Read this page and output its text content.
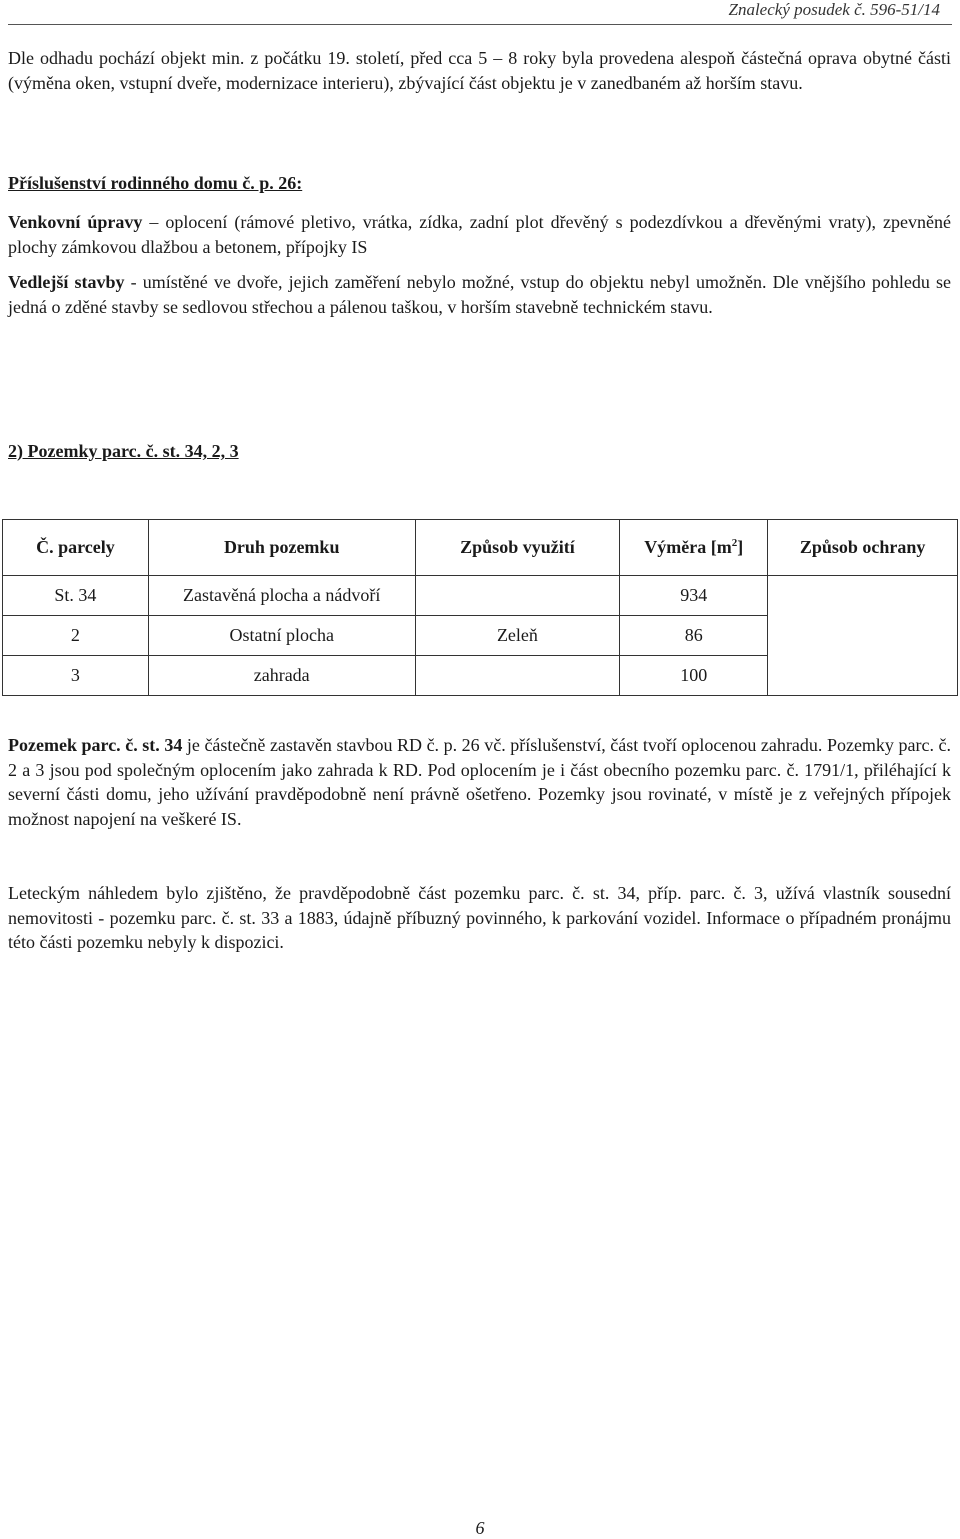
Znalecký posudek č. 596-51/14

Dle odhadu pochází objekt min. z počátku 19. století, před cca 5 – 8 roky byla provedena alespoň částečná oprava obytné části (výměna oken, vstupní dveře, modernizace interieru), zbývající část objektu je v zanedbaném až horším stavu.

Příslušenství rodinného domu č. p. 26:

Venkovní úpravy – oplocení (rámové pletivo, vrátka, zídka, zadní plot dřevěný s podezdívkou a dřevěnými vraty), zpevněné plochy zámkovou dlažbou a betonem, přípojky IS

Vedlejší stavby - umístěné ve dvoře, jejich zaměření nebylo možné, vstup do objektu nebyl umožněn. Dle vnějšího pohledu se jedná o zděné stavby se sedlovou střechou a pálenou taškou, v horším stavebně technickém stavu.

2) Pozemky parc. č. st. 34, 2, 3

Č. parcely	Druh pozemku	Způsob využití	Výměra $[m^2]$	Způsob ochrany
St. 34	Zastavěná plocha a nádvoří		934	
2	Ostatní plocha	Zeleň	86	
3	zahrada		100	

Pozemek parc. č. st. 34 je částečně zastavěn stavbou RD č. p. 26 vč. příslušenství, část tvoří oplocenou zahradu. Pozemky parc. č. 2 a 3 jsou pod společným oplocením jako zahrada k RD. Pod oplocením je i část obecního pozemku parc. č. 1791/1, přiléhající k severní části domu, jeho užívání pravděpodobně není právně ošetřeno. Pozemky jsou rovinaté, v místě je z veřejných přípojek možnost napojení na veškeré IS.

Leteckým náhledem bylo zjištěno, že pravděpodobně část pozemku parc. č. st. 34, příp. parc. č. 3, užívá vlastník sousední nemovitosti - pozemku parc. č. st. 33 a 1883, údajně příbuzný povinného, k parkování vozidel. Informace o případném pronájmu této části pozemku nebyly k dispozici.

6
